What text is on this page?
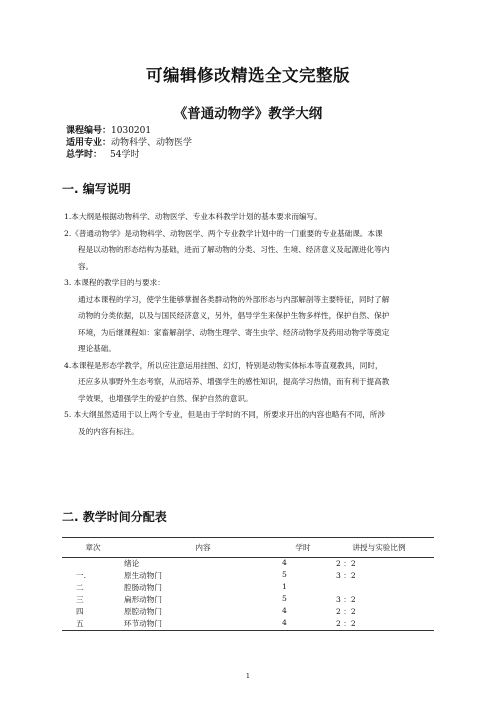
可编辑修改精选全文完整版
《普通动物学》教学大纲
课程编号：1030201
适用专业：动物科学、动物医学
总学时： 54学时
一. 编写说明
1.本大纲是根据动物科学、动物医学、专业本科教学计划的基本要求而编写。
2.《普通动物学》是动物科学、动物医学、两个专业教学计划中的一门重要的专业基础课。本课
程是以动物的形态结构为基础，进而了解动物的分类、习性、生境、经济意义及起源进化等内
容。
3. 本课程的教学目的与要求：
通过本课程的学习，使学生能够掌握各类群动物的外部形态与内部解剖等主要特征，同时了解
动物的分类依据，以及与国民经济意义，另外，倡导学生来保护生物多样性，保护自然、保护
环境，为后继课程如：家畜解剖学、动物生理学、寄生虫学、经济动物学及药用动物学等奠定
理论基础。
4.本课程是形态学教学，所以应注意运用挂图、幻灯，特别是动物实体标本等直观教具，同时，
还应多从事野外生态考察，从而培养、增强学生的感性知识，提高学习热情，而有利于提高教
学效果，也增强学生的爱护自然、保护自然的意识。
5. 本大纲虽然适用于以上两个专业，但是由于学时的不同，所要求开出的内容也略有不同，所涉
及的内容有标注。
二. 教学时间分配表
章次	内容	学时	讲授与实验比例
	绪论	4	2 ：2
一.	原生动物门	5	3 ：2
二	腔肠动物门	1	
三	扁形动物门	5	3 ：2
四	原腔动物门	4	2 ：2
五	环节动物门	4	2 ：2
1
